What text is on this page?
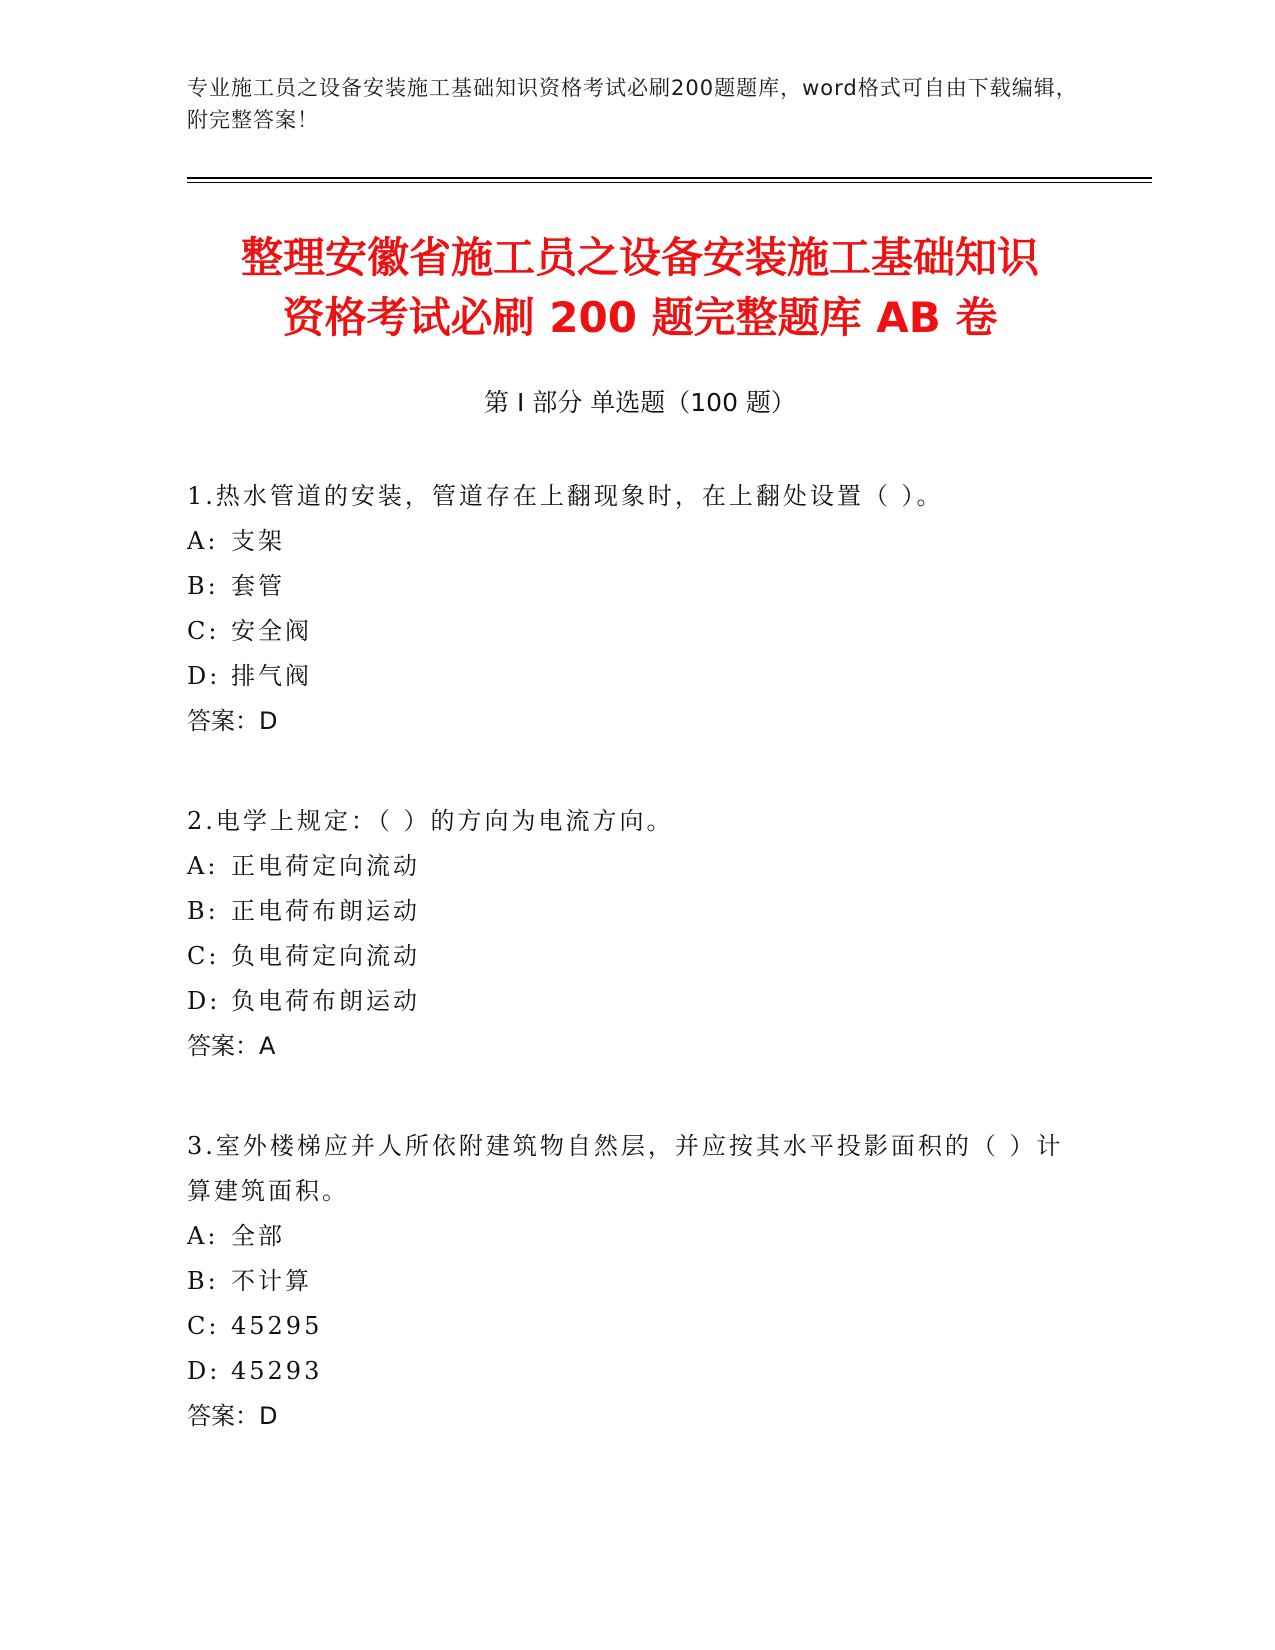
专业施工员之设备安装施工基础知识资格考试必刷200题题库，word格式可自由下载编辑，附完整答案！
整理安徽省施工员之设备安装施工基础知识
资格考试必刷 200 题完整题库 AB 卷
第 I 部分 单选题（100 题）
1.热水管道的安装，管道存在上翻现象时，在上翻处设置（ ）。
A: 支架
B: 套管
C: 安全阀
D: 排气阀
答案：D
2.电学上规定：（ ）的方向为电流方向。
A: 正电荷定向流动
B: 正电荷布朗运动
C: 负电荷定向流动
D: 负电荷布朗运动
答案：A
3.室外楼梯应并人所依附建筑物自然层，并应按其水平投影面积的（ ）计算建筑面积。
A: 全部
B: 不计算
C: 45295
D: 45293
答案：D
